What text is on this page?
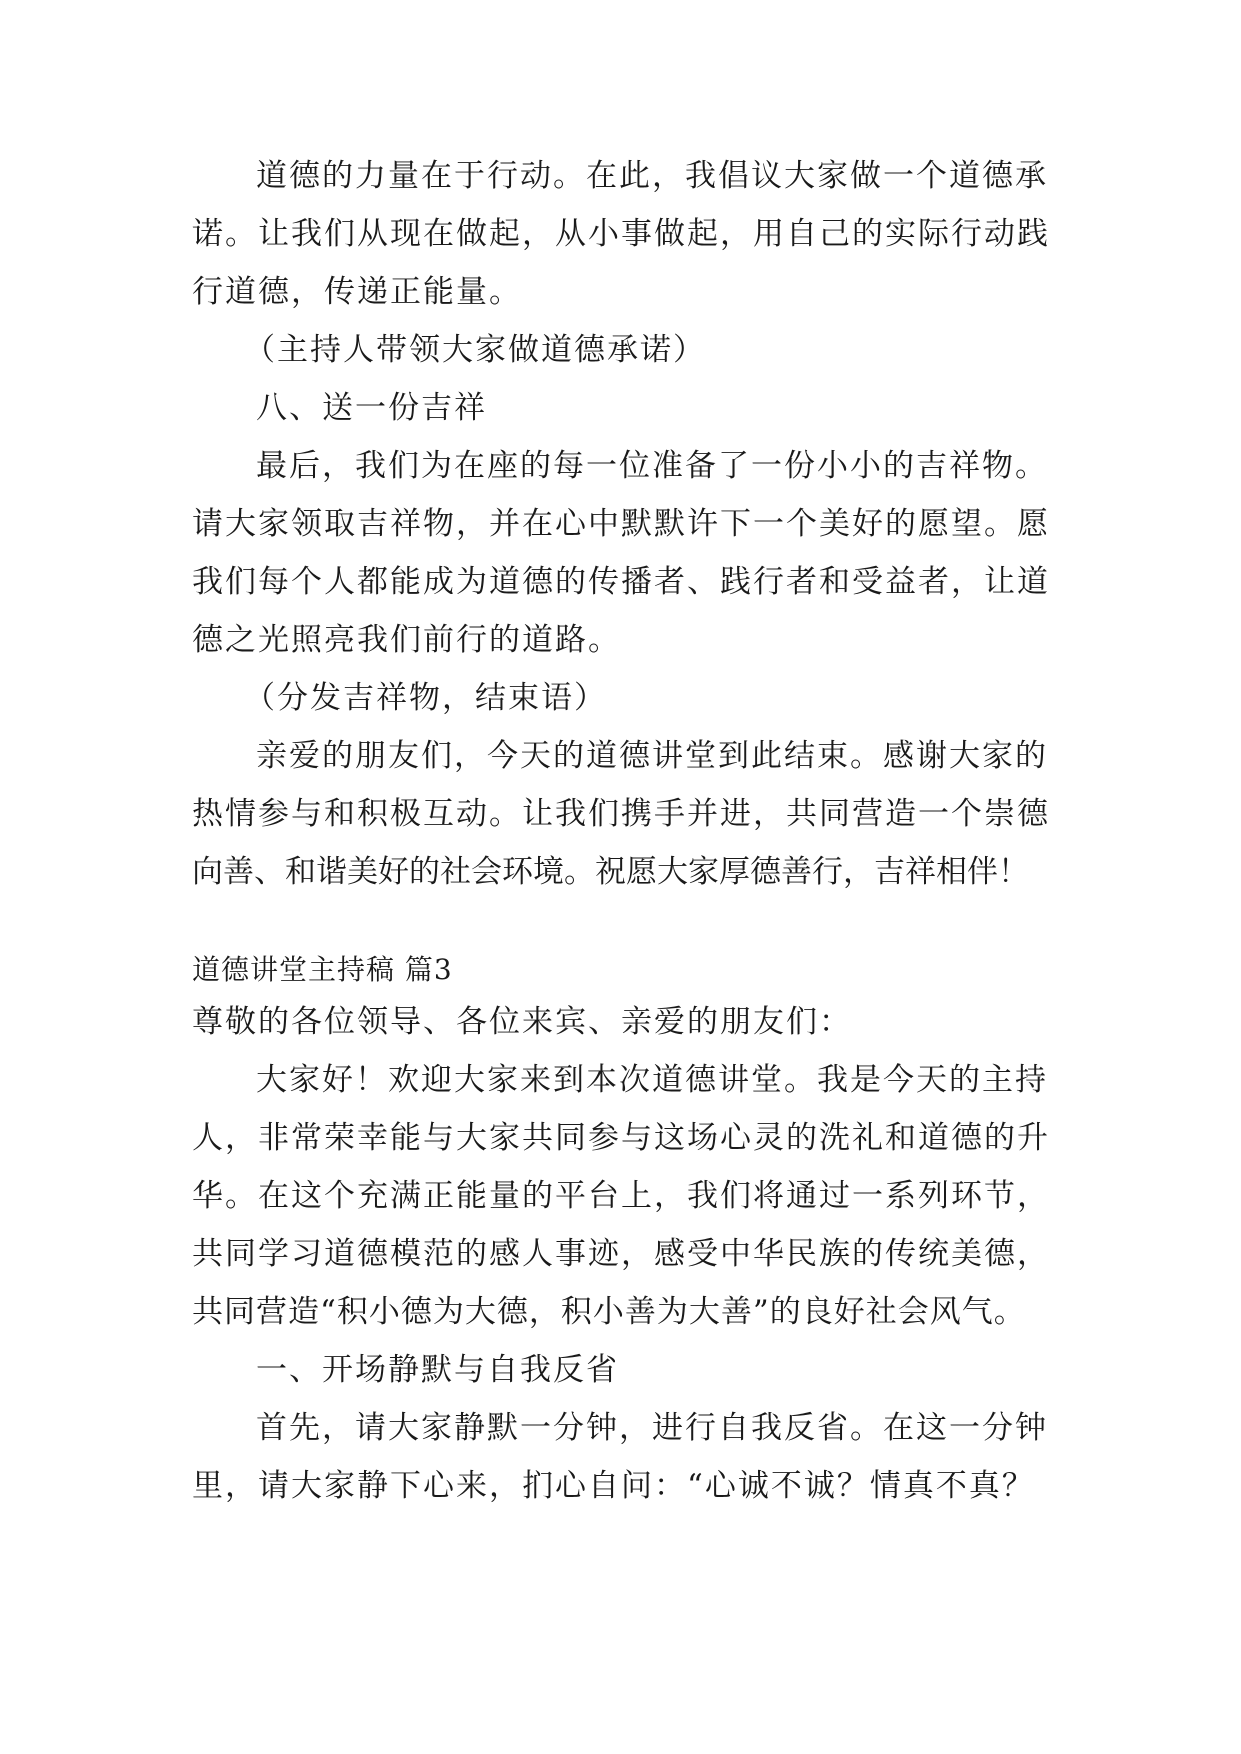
道德的力量在于行动。在此，我倡议大家做一个道德承
诺。让我们从现在做起，从小事做起，用自己的实际行动践
行道德，传递正能量。
（主持人带领大家做道德承诺）
八、送一份吉祥
最后，我们为在座的每一位准备了一份小小的吉祥物。
请大家领取吉祥物，并在心中默默许下一个美好的愿望。愿
我们每个人都能成为道德的传播者、践行者和受益者，让道
德之光照亮我们前行的道路。
（分发吉祥物，结束语）
亲爱的朋友们，今天的道德讲堂到此结束。感谢大家的
热情参与和积极互动。让我们携手并进，共同营造一个崇德
向善、和谐美好的社会环境。祝愿大家厚德善行，吉祥相伴！
道德讲堂主持稿 篇3
尊敬的各位领导、各位来宾、亲爱的朋友们：
大家好！欢迎大家来到本次道德讲堂。我是今天的主持
人，非常荣幸能与大家共同参与这场心灵的洗礼和道德的升
华。在这个充满正能量的平台上，我们将通过一系列环节，
共同学习道德模范的感人事迹，感受中华民族的传统美德，
共同营造“积小德为大德，积小善为大善”的良好社会风气。
一、开场静默与自我反省
首先，请大家静默一分钟，进行自我反省。在这一分钟
里，请大家静下心来，扪心自问：“心诚不诚？情真不真？
